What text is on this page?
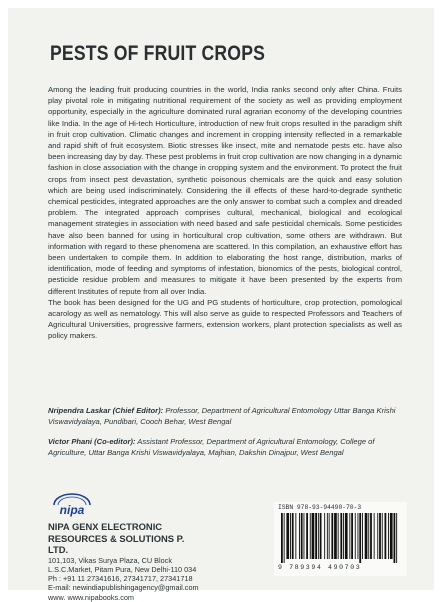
PESTS OF FRUIT CROPS

Among the leading fruit producing countries in the world, India ranks second only after China. Fruits play pivotal role in mitigating nutritional requirement of the society as well as providing employment opportunity, especially in the agriculture dominated rural agrarian economy of the developing countries like India. In the age of Hi-tech Horticulture, introduction of new fruit crops resulted in the paradigm shift in fruit crop cultivation. Climatic changes and increment in cropping intensity reflected in a remarkable and rapid shift of fruit ecosystem. Biotic stresses like insect, mite and nematode pests etc. have also been increasing day by day. These pest problems in fruit crop cultivation are now changing in a dynamic fashion in close association with the change in cropping system and the environment. To protect the fruit crops from insect pest devastation, synthetic poisonous chemicals are the quick and easy solution which are being used indiscriminately. Considering the ill effects of these hard-to-degrade synthetic chemical pesticides, integrated approaches are the only answer to combat such a complex and dreaded problem. The integrated approach comprises cultural, mechanical, biological and ecological management strategies in association with need based and safe pesticidal chemicals. Some pesticides have also been banned for using in horticultural crop cultivation, some others are withdrawn. But information with regard to these phenomena are scattered. In this compilation, an exhaustive effort has been undertaken to compile them. In addition to elaborating the host range, distribution, marks of identification, mode of feeding and symptoms of infestation, bionomics of the pests, biological control, pesticide residue problem and measures to mitigate it have been presented by the experts from different Institutes of repute from all over India.

The book has been designed for the UG and PG students of horticulture, crop protection, pomological acarology as well as nematology. This will also serve as guide to respected Professors and Teachers of Agricultural Universities, progressive farmers, extension workers, plant protection specialists as well as policy makers.

Nripendra Laskar (Chief Editor): Professor, Department of Agricultural Entomology Uttar Banga Krishi Viswavidyalaya, Pundibari, Cooch Behar, West Bengal

Victor Phani (Co-editor): Assistant Professor, Department of Agricultural Entomology, College of Agriculture, Uttar Banga Krishi Viswavidyalaya, Majhian, Dakshin Dinajpur, West Bengal

nipa

NIPA GENX ELECTRONIC RESOURCES & SOLUTIONS P. LTD.

101,103, Vikas Surya Plaza, CU Block

L.S.C.Market, Pitam Pura, New Delhi-110 034

Ph : +91 11 27341616, 27341717, 27341718

E-mail: newindiapublishingagency@gmail.com

www. www.nipabooks.com

ISBN 978-93-94490-70-3
9 789394 490703
